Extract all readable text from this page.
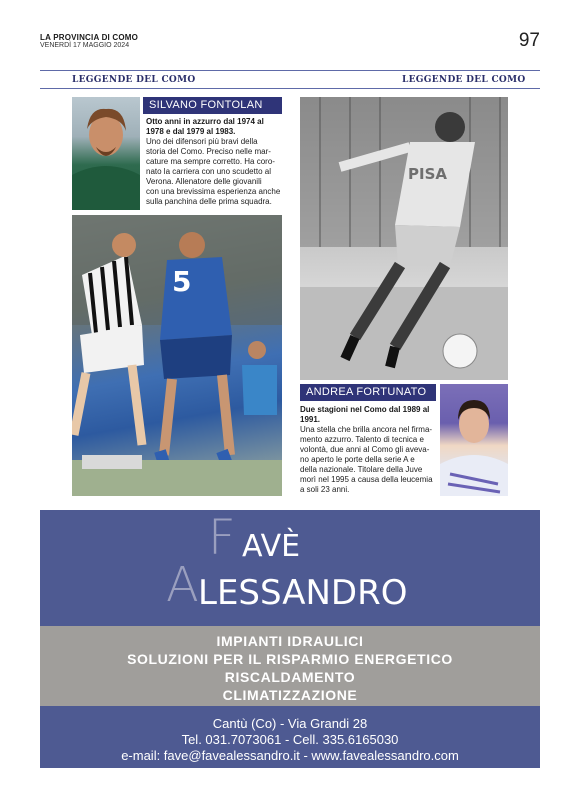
LA PROVINCIA DI COMO
VENERDÌ 17 MAGGIO 2024	97
LEGGENDE DEL COMO	LEGGENDE DEL COMO
SILVANO FONTOLAN
Otto anni in azzurro dal 1974 al
1978 e dal 1979 al 1983.
Uno dei difensori più bravi della
storia del Como. Preciso nelle mar-
cature ma sempre corretto. Ha coro-
nato la carriera con uno scudetto al
Verona. Allenatore delle giovanili
con una brevissima esperienza anche
sulla panchina delle prima squadra.
5
PISA
ANDREA FORTUNATO
Due stagioni nel Como dal 1989 al
1991.
Una stella che brilla ancora nel firma-
mento azzurro. Talento di tecnica e
volontà, due anni al Como gli aveva-
no aperto le porte della serie A e
della nazionale. Titolare della Juve
morì nel 1995 a causa della leucemia
a soli 23 anni.
F AVÈ
A LESSANDRO
IMPIANTI IDRAULICI
SOLUZIONI PER IL RISPARMIO ENERGETICO
RISCALDAMENTO
CLIMATIZZAZIONE
Cantù (Co) - Via Grandi 28
Tel. 031.7073061 - Cell. 335.6165030
e-mail: fave@favealessandro.it - www.favealessandro.com
